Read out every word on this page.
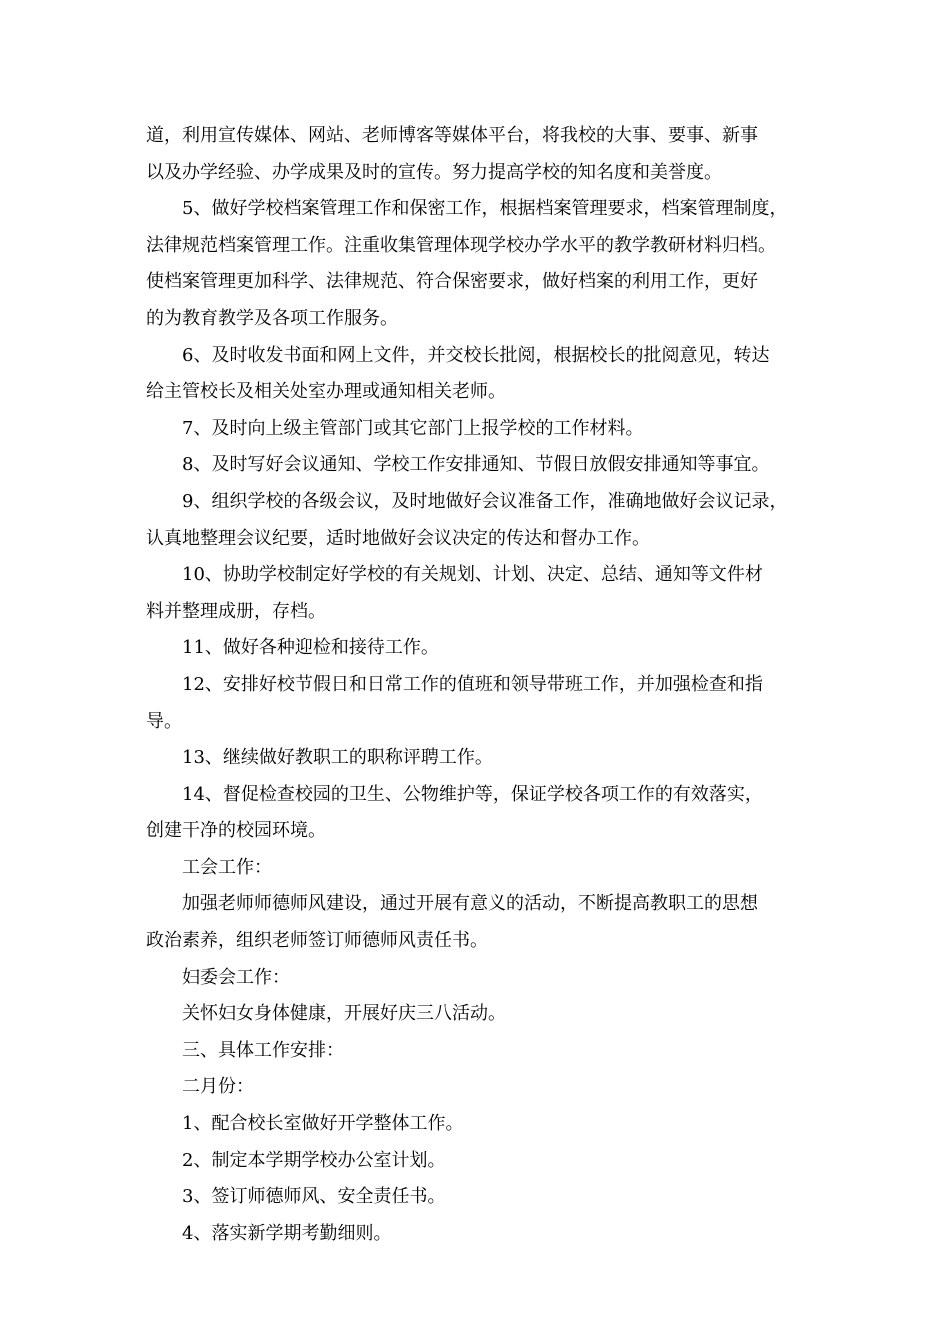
道，利用宣传媒体、网站、老师博客等媒体平台，将我校的大事、要事、新事
以及办学经验、办学成果及时的宣传。努力提高学校的知名度和美誉度。
5、做好学校档案管理工作和保密工作，根据档案管理要求，档案管理制度，
法律规范档案管理工作。注重收集管理体现学校办学水平的教学教研材料归档。
使档案管理更加科学、法律规范、符合保密要求，做好档案的利用工作，更好
的为教育教学及各项工作服务。
6、及时收发书面和网上文件，并交校长批阅，根据校长的批阅意见，转达
给主管校长及相关处室办理或通知相关老师。
7、及时向上级主管部门或其它部门上报学校的工作材料。
8、及时写好会议通知、学校工作安排通知、节假日放假安排通知等事宜。
9、组织学校的各级会议，及时地做好会议准备工作，准确地做好会议记录，
认真地整理会议纪要，适时地做好会议决定的传达和督办工作。
10、协助学校制定好学校的有关规划、计划、决定、总结、通知等文件材
料并整理成册，存档。
11、做好各种迎检和接待工作。
12、安排好校节假日和日常工作的值班和领导带班工作，并加强检查和指
导。
13、继续做好教职工的职称评聘工作。
14、督促检查校园的卫生、公物维护等，保证学校各项工作的有效落实，
创建干净的校园环境。
工会工作：
加强老师师德师风建设，通过开展有意义的活动，不断提高教职工的思想
政治素养，组织老师签订师德师风责任书。
妇委会工作：
关怀妇女身体健康，开展好庆三八活动。
三、具体工作安排：
二月份：
1、配合校长室做好开学整体工作。
2、制定本学期学校办公室计划。
3、签订师德师风、安全责任书。
4、落实新学期考勤细则。
